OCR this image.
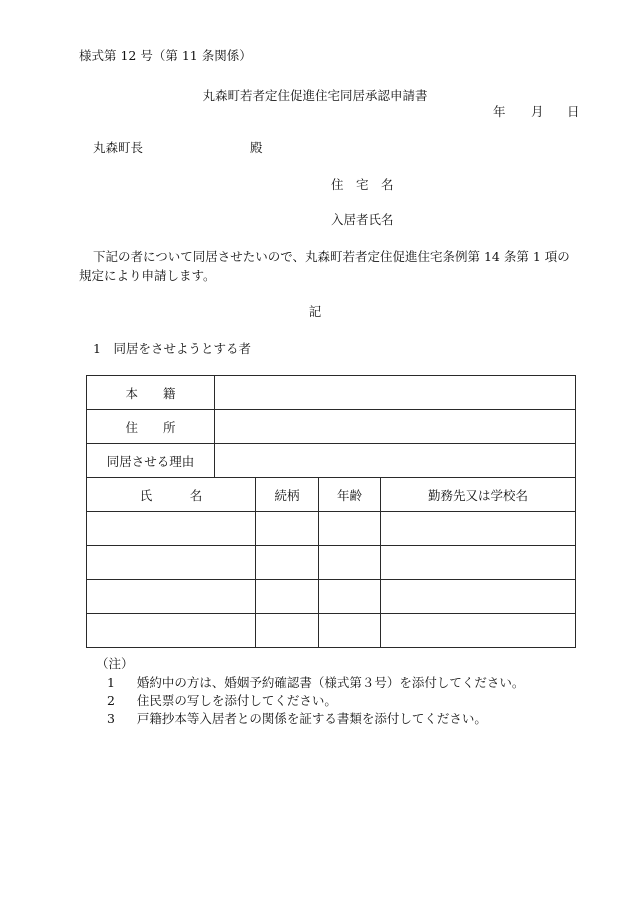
様式第 12 号（第 11 条関係）
丸森町若者定住促進住宅同居承認申請書
年 月 日
丸森町長	殿
住　宅　名
入居者氏名
下記の者について同居させたいので、丸森町若者定住促進住宅条例第 14 条第 1 項の規定により申請します。
記
1　同居をさせようとする者
本　　籍				
住　　所				
同居させる理由				
氏　　　名		続柄	年齢	勤務先又は学校名

（注）
1 婚約中の方は、婚姻予約確認書（様式第３号）を添付してください。
2 住民票の写しを添付してください。
3 戸籍抄本等入居者との関係を証する書類を添付してください。
